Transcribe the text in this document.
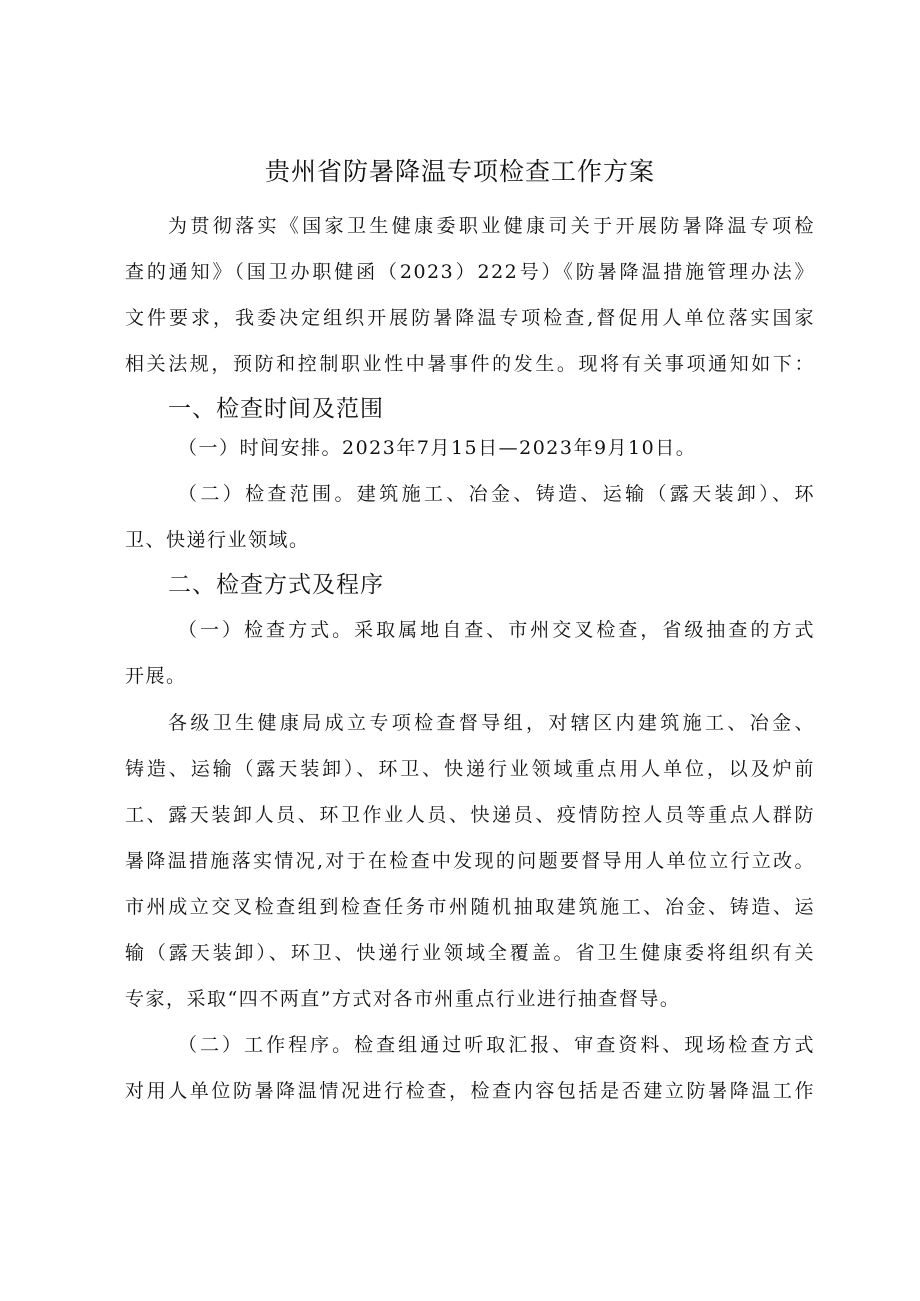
贵州省防暑降温专项检查工作方案
为贯彻落实《国家卫生健康委职业健康司关于开展防暑降温专项检
查的通知》（国卫办职健函（2023）222号）《防暑降温措施管理办法》
文件要求，我委决定组织开展防暑降温专项检查,督促用人单位落实国家
相关法规，预防和控制职业性中暑事件的发生。现将有关事项通知如下：
一、检查时间及范围
（一）时间安排。2023年7月15日—2023年9月10日。
（二）检查范围。建筑施工、冶金、铸造、运输（露天装卸）、环
卫、快递行业领域。
二、检查方式及程序
（一）检查方式。采取属地自查、市州交叉检查，省级抽查的方式
开展。
各级卫生健康局成立专项检查督导组，对辖区内建筑施工、冶金、
铸造、运输（露天装卸）、环卫、快递行业领域重点用人单位，以及炉前
工、露天装卸人员、环卫作业人员、快递员、疫情防控人员等重点人群防
暑降温措施落实情况,对于在检查中发现的问题要督导用人单位立行立改。
市州成立交叉检查组到检查任务市州随机抽取建筑施工、冶金、铸造、运
输（露天装卸）、环卫、快递行业领域全覆盖。省卫生健康委将组织有关
专家，采取“四不两直”方式对各市州重点行业进行抽查督导。
（二）工作程序。检查组通过听取汇报、审查资料、现场检查方式
对用人单位防暑降温情况进行检查，检查内容包括是否建立防暑降温工作
